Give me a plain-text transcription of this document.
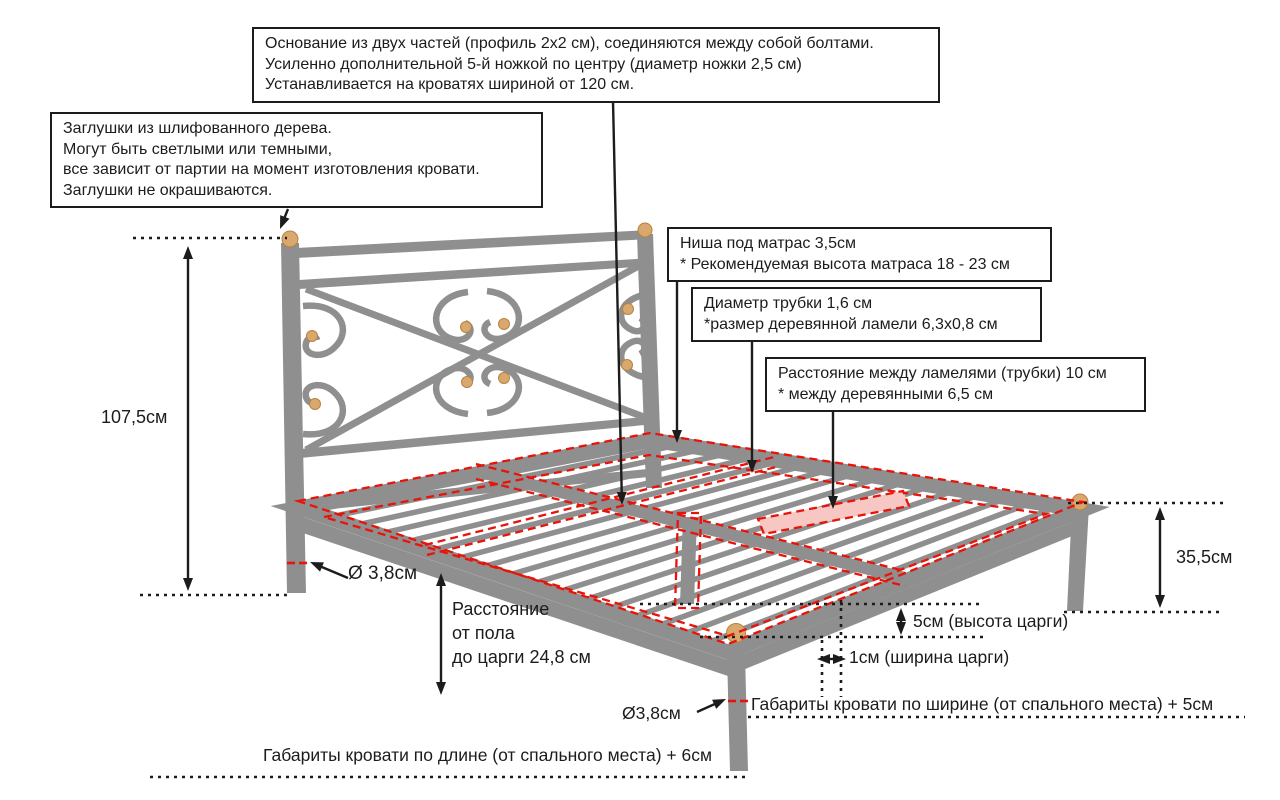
Основание из двух частей (профиль 2х2 см), соединяются между собой болтами.
Усиленно дополнительной 5-й ножкой по центру (диаметр ножки 2,5 см)
Устанавливается на кроватях шириной от 120 см.
Заглушки из шлифованного дерева.
Могут быть светлыми или темными,
все зависит от партии на момент изготовления кровати.
Заглушки не окрашиваются.
Ниша под матрас 3,5см
* Рекомендуемая высота матраса 18 - 23 см
Диаметр трубки 1,6 см
*размер деревянной ламели 6,3х0,8 см
Расстояние между ламелями (трубки) 10 см
* между деревянными 6,5 см
107,5см
35,5см
Ø 3,8см
Расстояние
от пола
до царги 24,8 см
5см (высота царги)
1см (ширина царги)
Габариты кровати по ширине (от спального места) + 5см
Ø3,8см
Габариты кровати по длине (от спального места) + 6см
